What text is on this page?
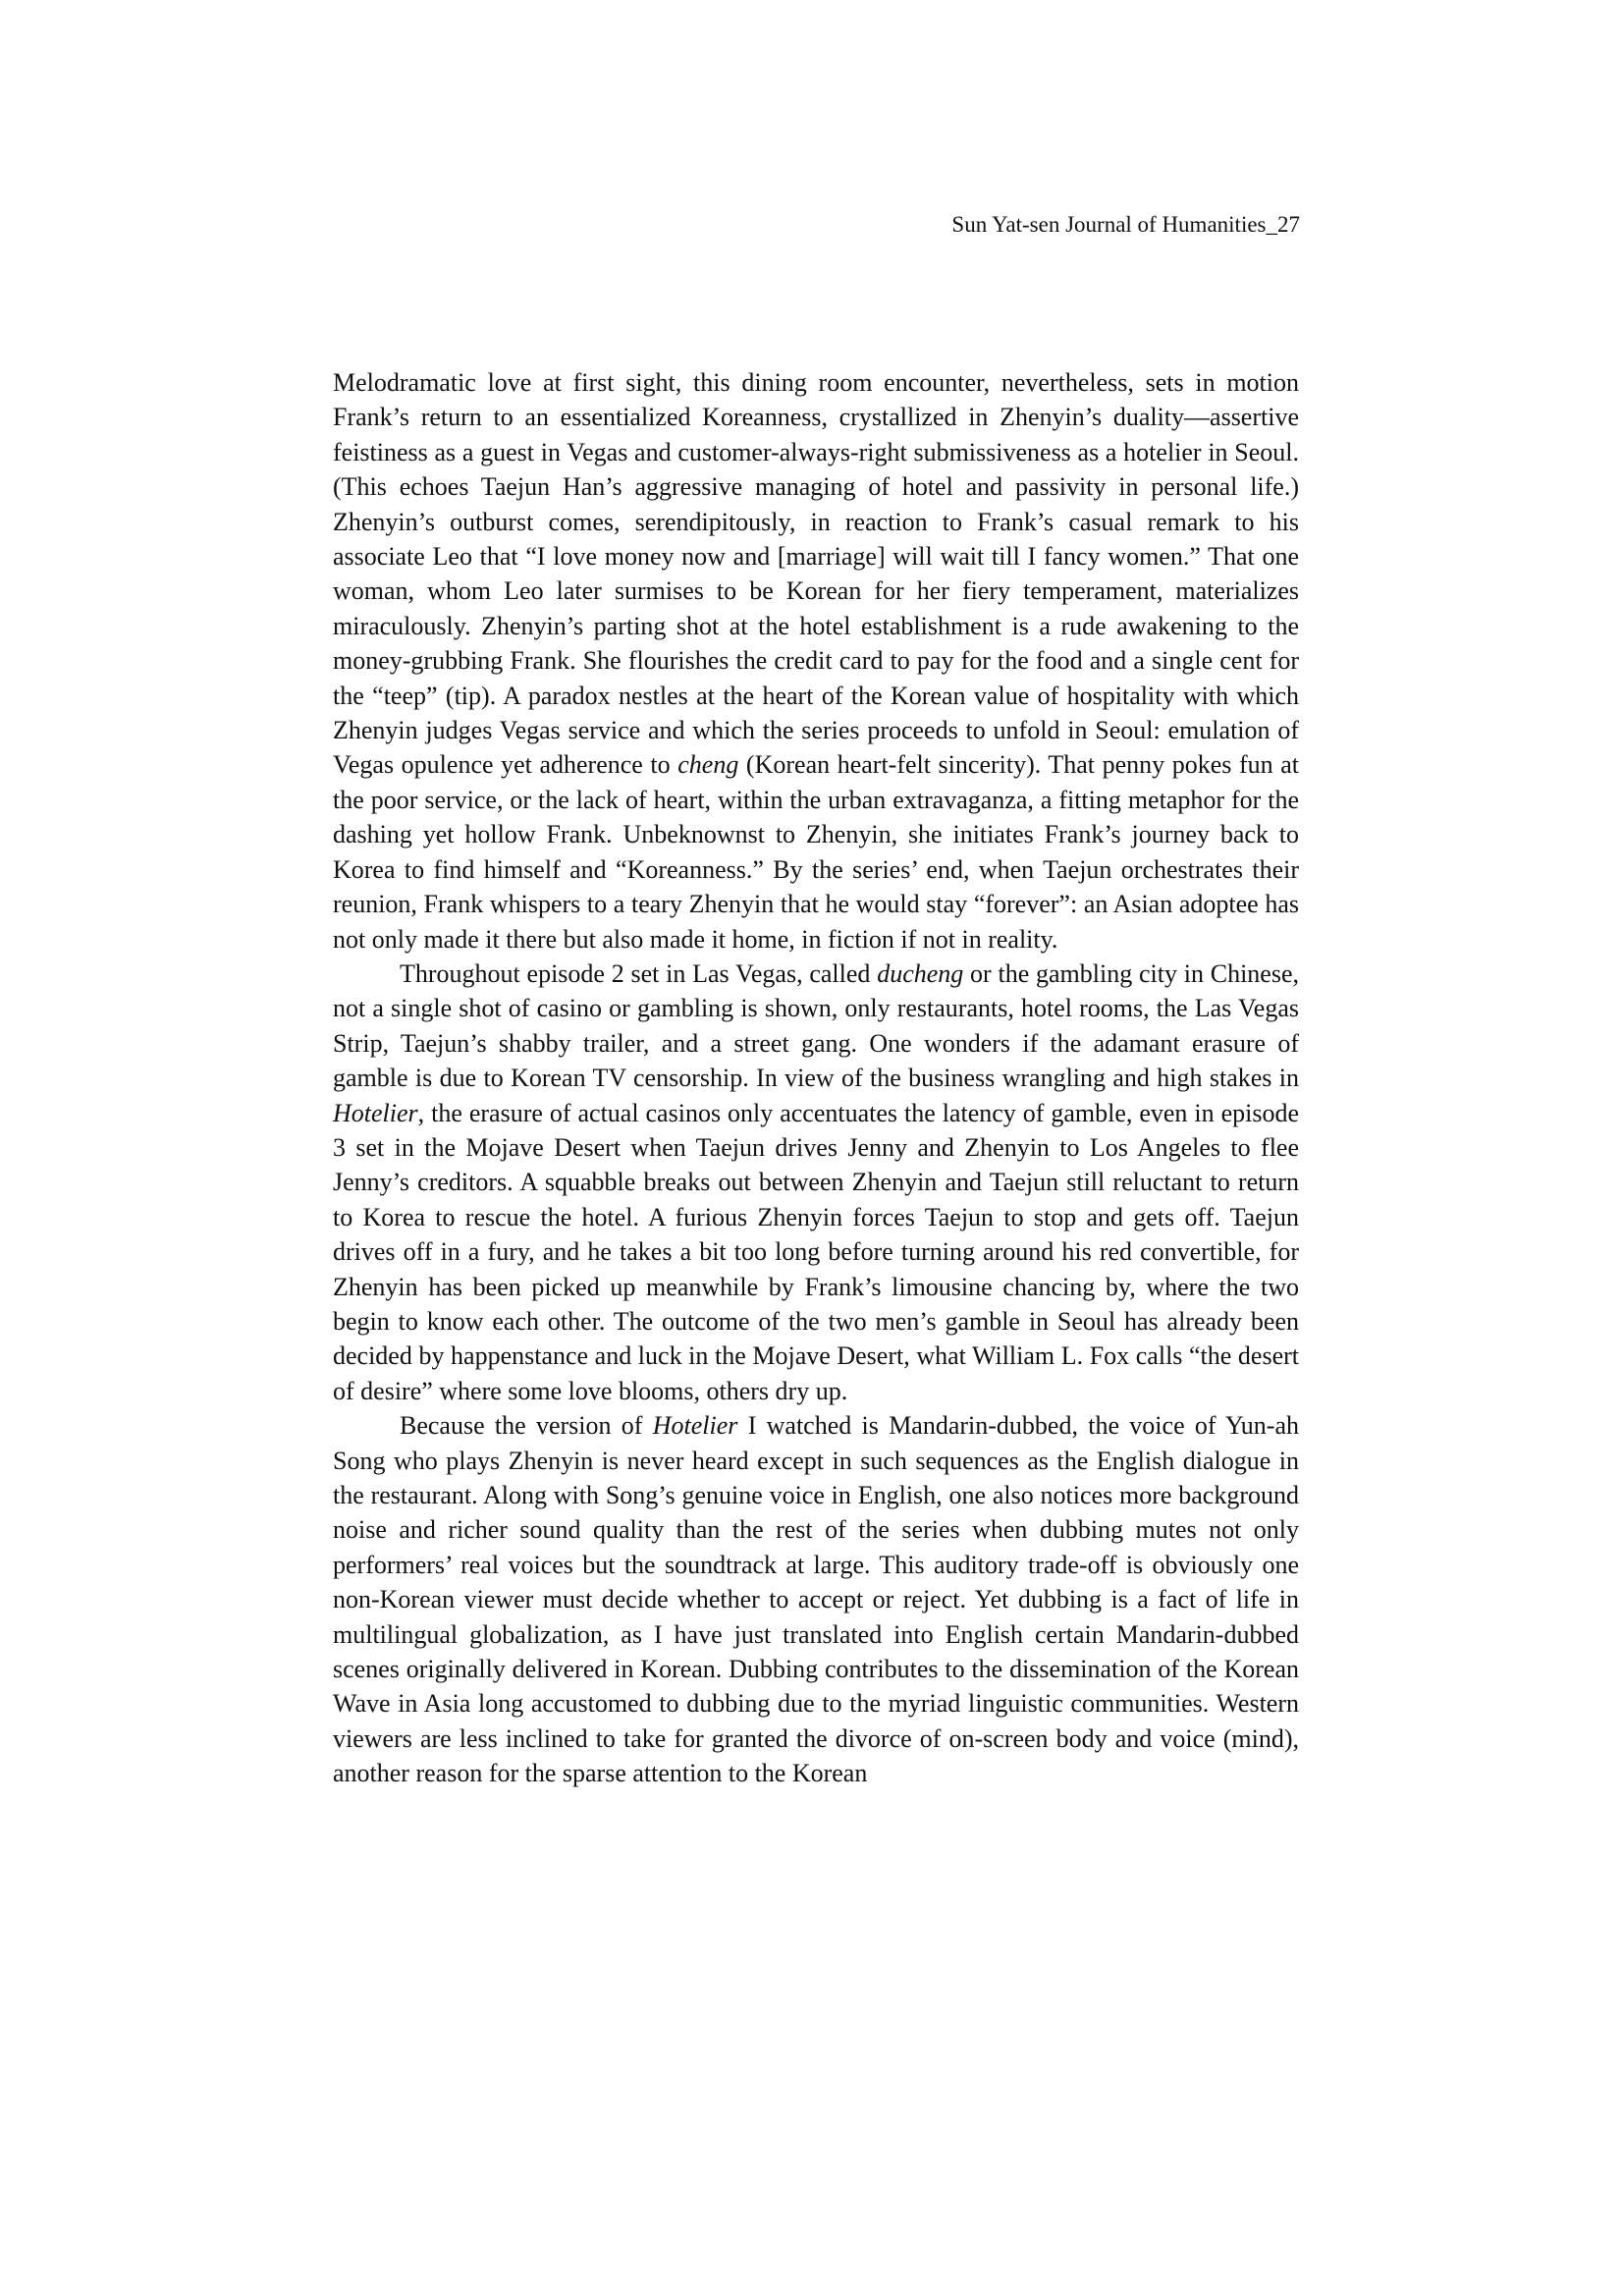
Sun Yat-sen Journal of Humanities_27

Melodramatic love at first sight, this dining room encounter, nevertheless, sets in motion Frank’s return to an essentialized Koreanness, crystallized in Zhenyin’s duality—assertive feistiness as a guest in Vegas and customer-always-right submissiveness as a hotelier in Seoul. (This echoes Taejun Han’s aggressive managing of hotel and passivity in personal life.) Zhenyin’s outburst comes, serendipitously, in reaction to Frank’s casual remark to his associate Leo that “I love money now and [marriage] will wait till I fancy women.” That one woman, whom Leo later surmises to be Korean for her fiery temperament, materializes miraculously. Zhenyin’s parting shot at the hotel establishment is a rude awakening to the money-grubbing Frank. She flourishes the credit card to pay for the food and a single cent for the “teep” (tip). A paradox nestles at the heart of the Korean value of hospitality with which Zhenyin judges Vegas service and which the series proceeds to unfold in Seoul: emulation of Vegas opulence yet adherence to cheng (Korean heart-felt sincerity). That penny pokes fun at the poor service, or the lack of heart, within the urban extravaganza, a fitting metaphor for the dashing yet hollow Frank. Unbeknownst to Zhenyin, she initiates Frank’s journey back to Korea to find himself and “Koreanness.” By the series’ end, when Taejun orchestrates their reunion, Frank whispers to a teary Zhenyin that he would stay “forever”: an Asian adoptee has not only made it there but also made it home, in fiction if not in reality.

Throughout episode 2 set in Las Vegas, called ducheng or the gambling city in Chinese, not a single shot of casino or gambling is shown, only restaurants, hotel rooms, the Las Vegas Strip, Taejun’s shabby trailer, and a street gang. One wonders if the adamant erasure of gamble is due to Korean TV censorship. In view of the business wrangling and high stakes in Hotelier, the erasure of actual casinos only accentuates the latency of gamble, even in episode 3 set in the Mojave Desert when Taejun drives Jenny and Zhenyin to Los Angeles to flee Jenny’s creditors. A squabble breaks out between Zhenyin and Taejun still reluctant to return to Korea to rescue the hotel. A furious Zhenyin forces Taejun to stop and gets off. Taejun drives off in a fury, and he takes a bit too long before turning around his red convertible, for Zhenyin has been picked up meanwhile by Frank’s limousine chancing by, where the two begin to know each other. The outcome of the two men’s gamble in Seoul has already been decided by happenstance and luck in the Mojave Desert, what William L. Fox calls “the desert of desire” where some love blooms, others dry up.

Because the version of Hotelier I watched is Mandarin-dubbed, the voice of Yun-ah Song who plays Zhenyin is never heard except in such sequences as the English dialogue in the restaurant. Along with Song’s genuine voice in English, one also notices more background noise and richer sound quality than the rest of the series when dubbing mutes not only performers’ real voices but the soundtrack at large. This auditory trade-off is obviously one non-Korean viewer must decide whether to accept or reject. Yet dubbing is a fact of life in multilingual globalization, as I have just translated into English certain Mandarin-dubbed scenes originally delivered in Korean. Dubbing contributes to the dissemination of the Korean Wave in Asia long accustomed to dubbing due to the myriad linguistic communities. Western viewers are less inclined to take for granted the divorce of on-screen body and voice (mind), another reason for the sparse attention to the Korean
